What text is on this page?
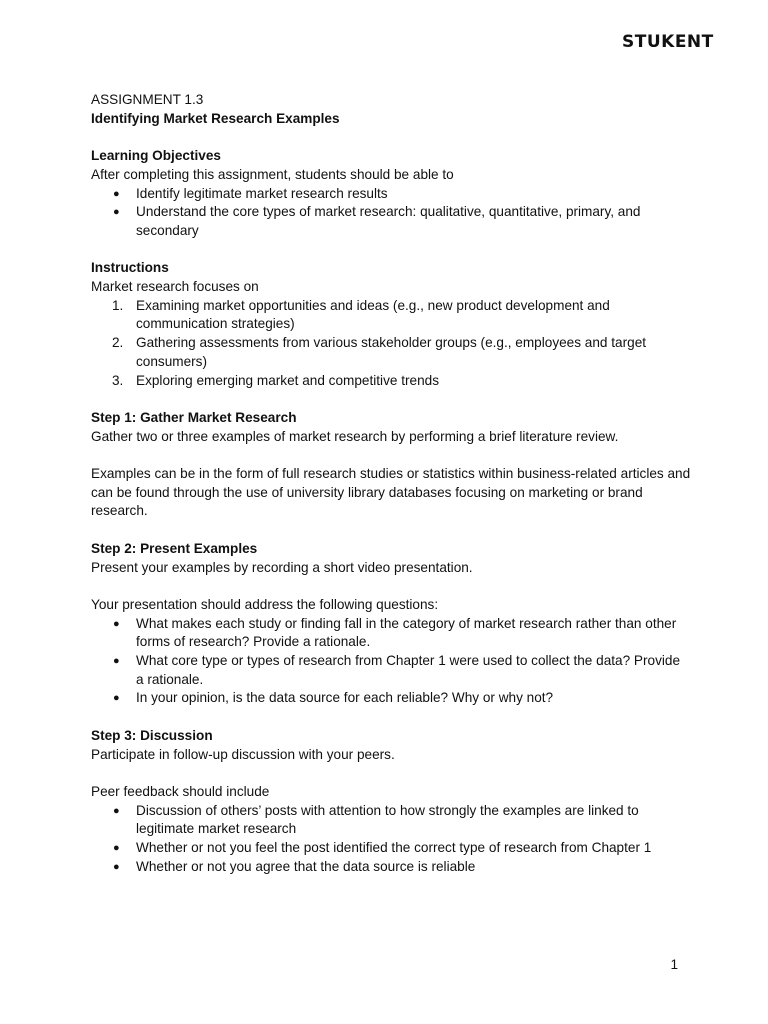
STUKENT

ASSIGNMENT 1.3

Identifying Market Research Examples

Learning Objectives

After completing this assignment, students should be able to

● Identify legitimate market research results
● Understand the core types of market research: qualitative, quantitative, primary, and secondary

Instructions

Market research focuses on

1. Examining market opportunities and ideas (e.g., new product development and communication strategies)
2. Gathering assessments from various stakeholder groups (e.g., employees and target consumers)
3. Exploring emerging market and competitive trends

Step 1: Gather Market Research

Gather two or three examples of market research by performing a brief literature review.

Examples can be in the form of full research studies or statistics within business-related articles and can be found through the use of university library databases focusing on marketing or brand research.

Step 2: Present Examples

Present your examples by recording a short video presentation.

Your presentation should address the following questions:

● What makes each study or finding fall in the category of market research rather than other forms of research? Provide a rationale.
● What core type or types of research from Chapter 1 were used to collect the data? Provide a rationale.
● In your opinion, is the data source for each reliable? Why or why not?

Step 3: Discussion

Participate in follow-up discussion with your peers.

Peer feedback should include

● Discussion of others’ posts with attention to how strongly the examples are linked to legitimate market research
● Whether or not you feel the post identified the correct type of research from Chapter 1
● Whether or not you agree that the data source is reliable
1
